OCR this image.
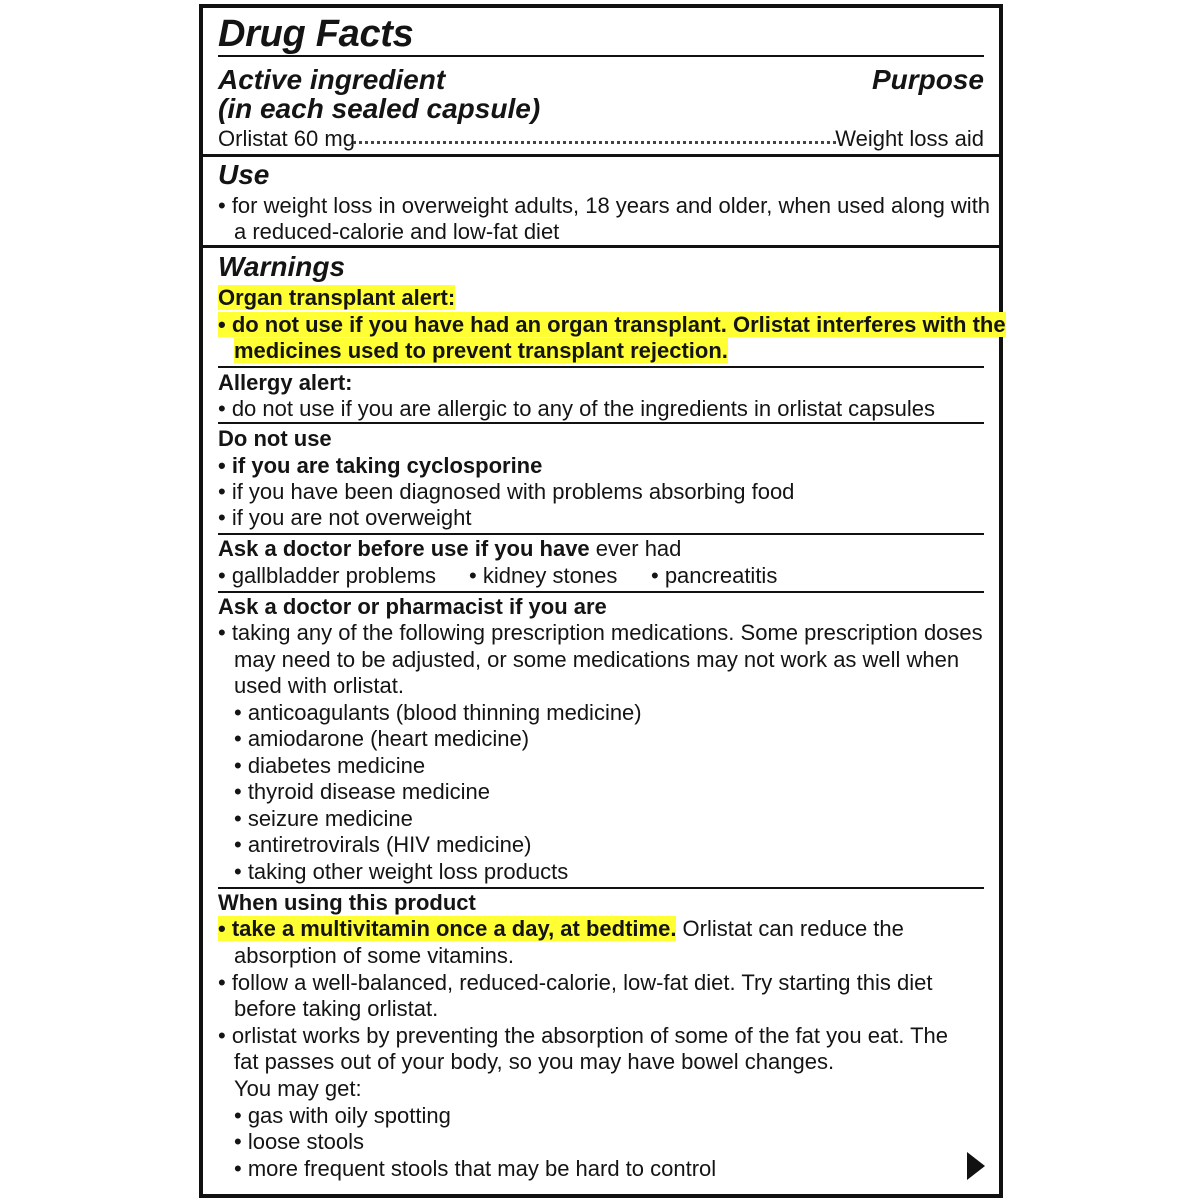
Drug Facts
Active ingredient	Purpose
(in each sealed capsule)
Orlistat 60 mg	Weight loss aid
Use
• for weight loss in overweight adults, 18 years and older, when used along with
a reduced-calorie and low-fat diet
Warnings
Organ transplant alert:
• do not use if you have had an organ transplant. Orlistat interferes with the
medicines used to prevent transplant rejection.
Allergy alert:
• do not use if you are allergic to any of the ingredients in orlistat capsules
Do not use
• if you are taking cyclosporine
• if you have been diagnosed with problems absorbing food
• if you are not overweight
Ask a doctor before use if you have ever had
• gallbladder problems • kidney stones • pancreatitis
Ask a doctor or pharmacist if you are
• taking any of the following prescription medications. Some prescription doses
may need to be adjusted, or some medications may not work as well when
used with orlistat.
• anticoagulants (blood thinning medicine)
• amiodarone (heart medicine)
• diabetes medicine
• thyroid disease medicine
• seizure medicine
• antiretrovirals (HIV medicine)
• taking other weight loss products
When using this product
• take a multivitamin once a day, at bedtime. Orlistat can reduce the
absorption of some vitamins.
• follow a well-balanced, reduced-calorie, low-fat diet. Try starting this diet
before taking orlistat.
• orlistat works by preventing the absorption of some of the fat you eat. The
fat passes out of your body, so you may have bowel changes.
You may get:
• gas with oily spotting
• loose stools
• more frequent stools that may be hard to control
